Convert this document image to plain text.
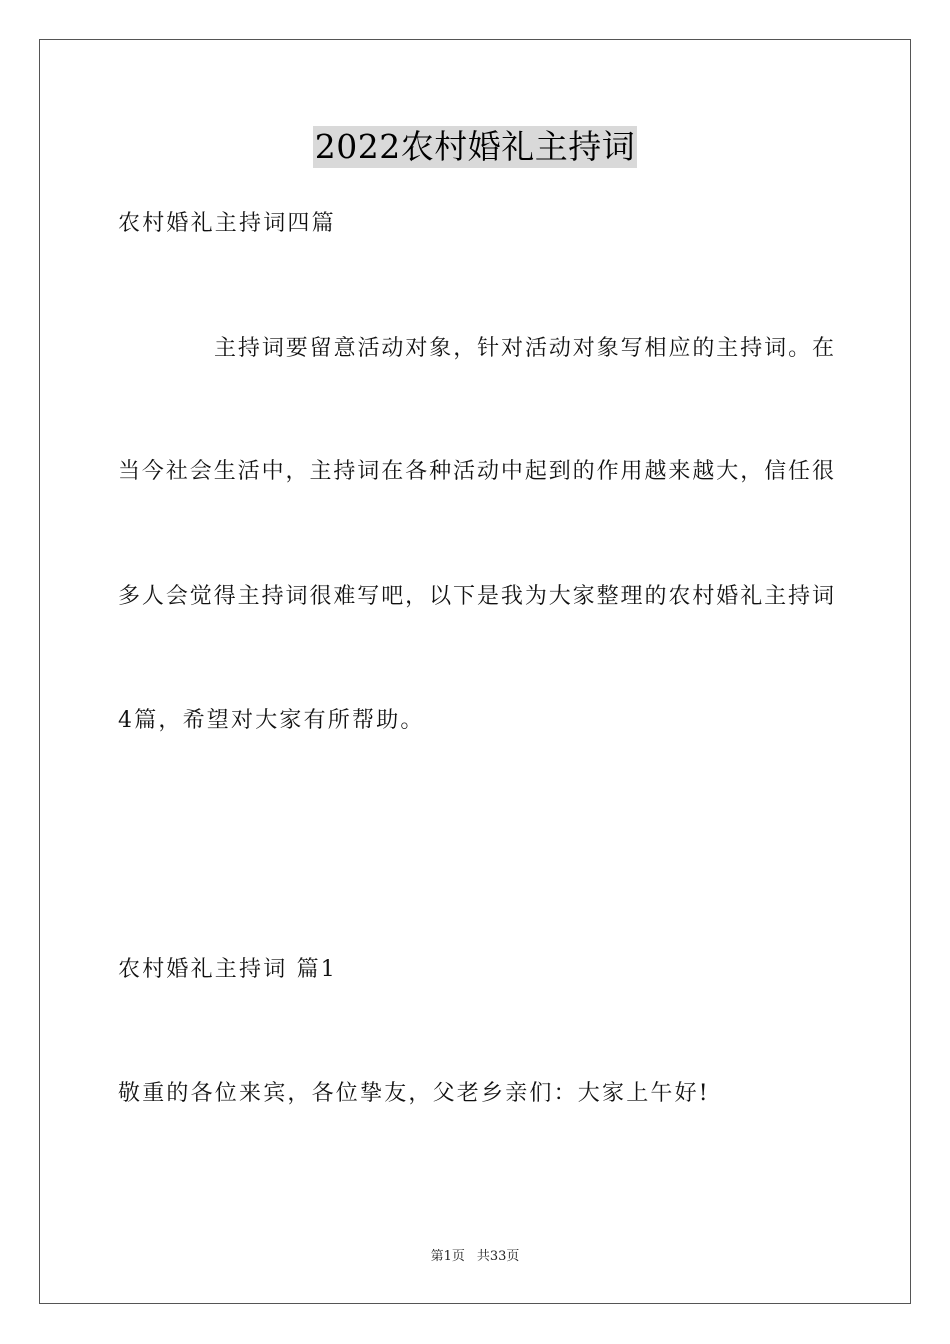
2022农村婚礼主持词
农村婚礼主持词四篇
主持词要留意活动对象，针对活动对象写相应的主持词。在
当今社会生活中，主持词在各种活动中起到的作用越来越大，信任很
多人会觉得主持词很难写吧，以下是我为大家整理的农村婚礼主持词
4篇，希望对大家有所帮助。
农村婚礼主持词 篇1
敬重的各位来宾，各位挚友，父老乡亲们：大家上午好!
第1页 共33页
